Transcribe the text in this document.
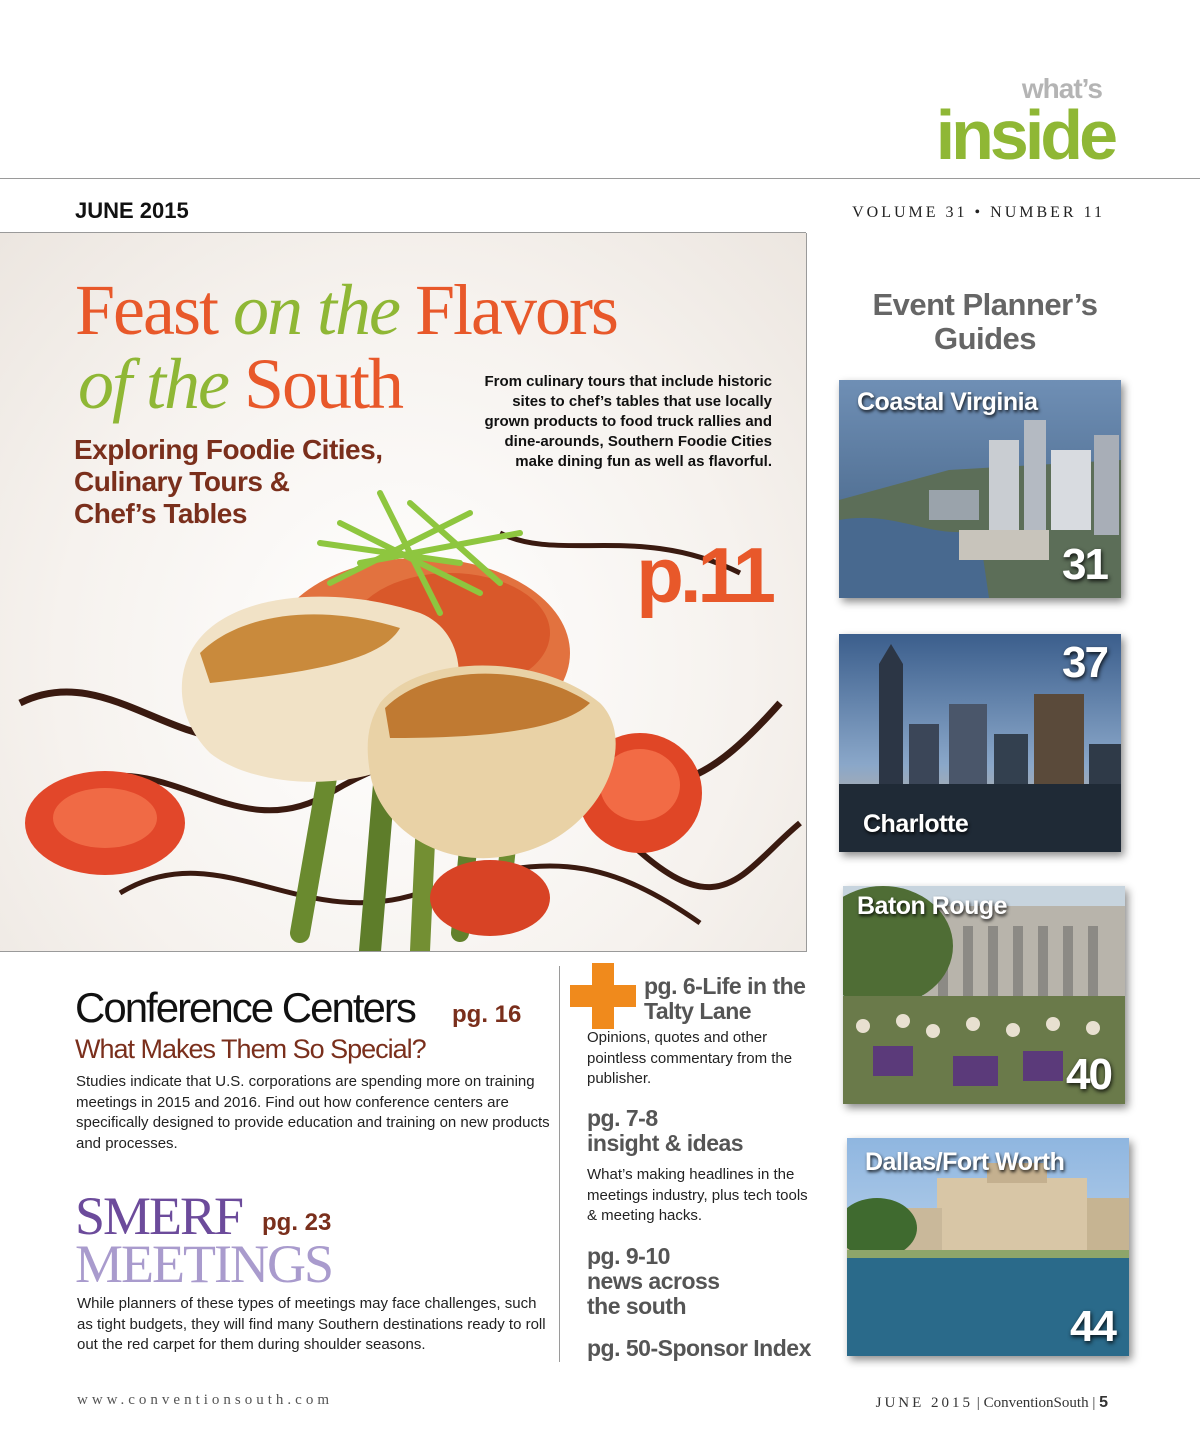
what’s
inside
JUNE 2015	VOLUME 31 • NUMBER 11
Feast on the Flavors
of the South
Exploring Foodie Cities,
Culinary Tours &
Chef’s Tables
From culinary tours that include historic sites to chef’s tables that use locally grown products to food truck rallies and dine-arounds, Southern Foodie Cities make dining fun as well as flavorful.
p.11
Event Planner’s
Guides
Coastal Virginia
31
37
Charlotte
Baton Rouge
40
Dallas/Fort Worth
44
Conference Centers pg. 16
What Makes Them So Special?
Studies indicate that U.S. corporations are spending more on training meetings in 2015 and 2016. Find out how conference centers are specifically designed to provide education and training on new products and processes.
SMERF pg. 23
MEETINGS
While planners of these types of meetings may face challenges, such as tight budgets, they will find many Southern destinations ready to roll out the red carpet for them during shoulder seasons.
pg. 6-Life in the
Talty Lane
Opinions, quotes and other pointless commentary from the publisher.
pg. 7-8
insight & ideas
What’s making headlines in the meetings industry, plus tech tools & meeting hacks.
pg. 9-10
news across
the south
pg. 50-Sponsor Index
www.conventionsouth.com	JUNE 2015 | ConventionSouth | 5
